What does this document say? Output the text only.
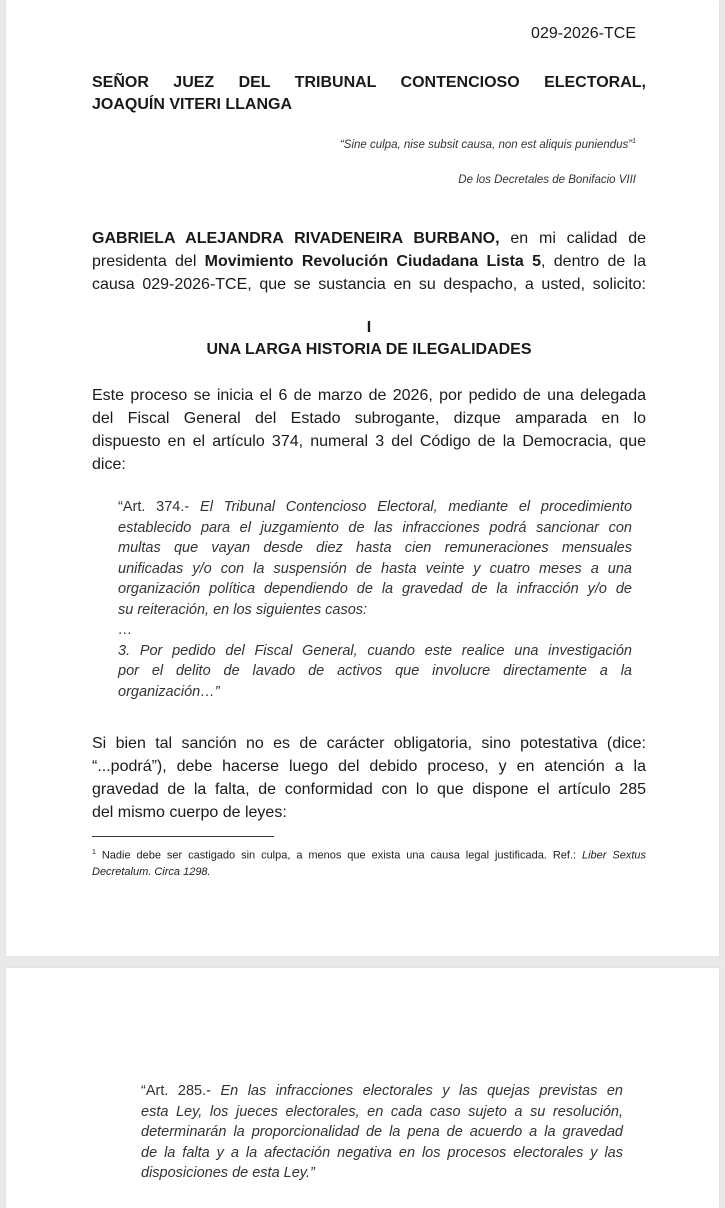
029-2026-TCE
SEÑOR JUEZ DEL TRIBUNAL CONTENCIOSO ELECTORAL,
JOAQUÍN VITERI LLANGA
“Sine culpa, nise subsit causa, non est aliquis puniendus”$^1$
De los Decretales de Bonifacio VIII
GABRIELA ALEJANDRA RIVADENEIRA BURBANO, en mi calidad de
presidenta del Movimiento Revolución Ciudadana Lista 5, dentro de la
causa 029-2026-TCE, que se sustancia en su despacho, a usted, solicito:
I
UNA LARGA HISTORIA DE ILEGALIDADES
Este proceso se inicia el 6 de marzo de 2026, por pedido de una delegada
del Fiscal General del Estado subrogante, dizque amparada en lo
dispuesto en el artículo 374, numeral 3 del Código de la Democracia, que
dice:
“Art. 374.- El Tribunal Contencioso Electoral, mediante el procedimiento
establecido para el juzgamiento de las infracciones podrá sancionar con
multas que vayan desde diez hasta cien remuneraciones mensuales
unificadas y/o con la suspensión de hasta veinte y cuatro meses a una
organización política dependiendo de la gravedad de la infracción y/o de
su reiteración, en los siguientes casos:
…
3. Por pedido del Fiscal General, cuando este realice una investigación
por el delito de lavado de activos que involucre directamente a la
organización…”
Si bien tal sanción no es de carácter obligatoria, sino potestativa (dice:
“...podrá”), debe hacerse luego del debido proceso, y en atención a la
gravedad de la falta, de conformidad con lo que dispone el artículo 285
del mismo cuerpo de leyes:
$^1$ Nadie debe ser castigado sin culpa, a menos que exista una causa legal justificada. Ref.: Liber Sextus
Decretalum. Circa 1298.
“Art. 285.- En las infracciones electorales y las quejas previstas en
esta Ley, los jueces electorales, en cada caso sujeto a su resolución,
determinarán la proporcionalidad de la pena de acuerdo a la gravedad
de la falta y a la afectación negativa en los procesos electorales y las
disposiciones de esta Ley.”
